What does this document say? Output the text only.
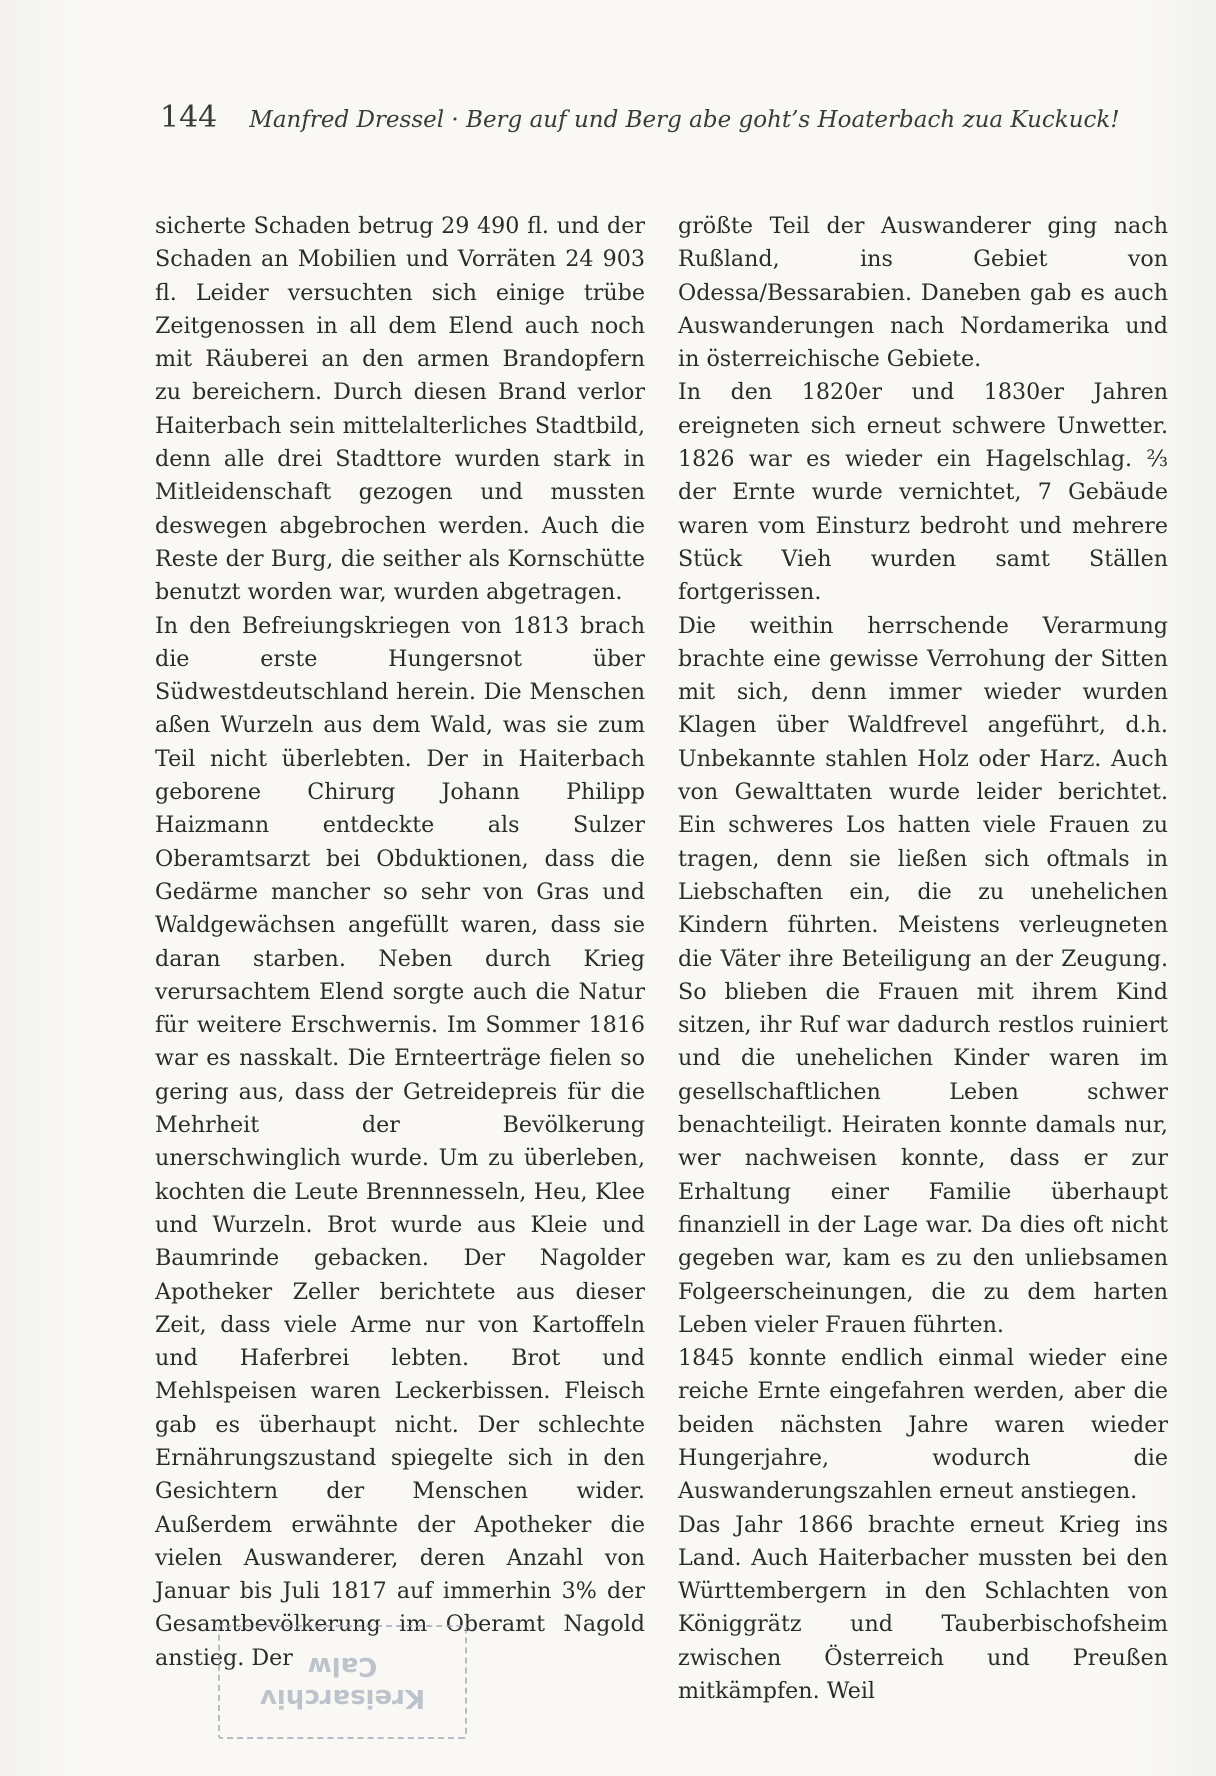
144 Manfred Dressel · Berg auf und Berg abe goht’s Hoaterbach zua Kuckuck!

sicherte Schaden betrug 29 490 fl. und der Schaden an Mobilien und Vorräten 24 903 fl. Leider versuchten sich einige trübe Zeitgenossen in all dem Elend auch noch mit Räuberei an den armen Brandopfern zu bereichern. Durch diesen Brand verlor Haiterbach sein mittelalterliches Stadtbild, denn alle drei Stadttore wurden stark in Mitleidenschaft gezogen und mussten deswegen abgebrochen werden. Auch die Reste der Burg, die seither als Kornschütte benutzt worden war, wurden abgetragen.

In den Befreiungskriegen von 1813 brach die erste Hungersnot über Südwestdeutschland herein. Die Menschen aßen Wurzeln aus dem Wald, was sie zum Teil nicht überlebten. Der in Haiterbach geborene Chirurg Johann Philipp Haizmann entdeckte als Sulzer Oberamtsarzt bei Obduktionen, dass die Gedärme mancher so sehr von Gras und Waldgewächsen angefüllt waren, dass sie daran starben. Neben durch Krieg verursachtem Elend sorgte auch die Natur für weitere Erschwernis. Im Sommer 1816 war es nasskalt. Die Ernteerträge fielen so gering aus, dass der Getreidepreis für die Mehrheit der Bevölkerung unerschwinglich wurde. Um zu überleben, kochten die Leute Brennnesseln, Heu, Klee und Wurzeln. Brot wurde aus Kleie und Baumrinde gebacken. Der Nagolder Apotheker Zeller berichtete aus dieser Zeit, dass viele Arme nur von Kartoffeln und Haferbrei lebten. Brot und Mehlspeisen waren Leckerbissen. Fleisch gab es überhaupt nicht. Der schlechte Ernährungszustand spiegelte sich in den Gesichtern der Menschen wider. Außerdem erwähnte der Apotheker die vielen Auswanderer, deren Anzahl von Januar bis Juli 1817 auf immerhin 3% der Gesamtbevölkerung im Oberamt Nagold anstieg. Der

größte Teil der Auswanderer ging nach Rußland, ins Gebiet von Odessa/Bessarabien. Daneben gab es auch Auswanderungen nach Nordamerika und in österreichische Gebiete.

In den 1820er und 1830er Jahren ereigneten sich erneut schwere Unwetter. 1826 war es wieder ein Hagelschlag. ⅔ der Ernte wurde vernichtet, 7 Gebäude waren vom Einsturz bedroht und mehrere Stück Vieh wurden samt Ställen fortgerissen.

Die weithin herrschende Verarmung brachte eine gewisse Verrohung der Sitten mit sich, denn immer wieder wurden Klagen über Waldfrevel angeführt, d.h. Unbekannte stahlen Holz oder Harz. Auch von Gewalttaten wurde leider berichtet. Ein schweres Los hatten viele Frauen zu tragen, denn sie ließen sich oftmals in Liebschaften ein, die zu unehelichen Kindern führten. Meistens verleugneten die Väter ihre Beteiligung an der Zeugung. So blieben die Frauen mit ihrem Kind sitzen, ihr Ruf war dadurch restlos ruiniert und die unehelichen Kinder waren im gesellschaftlichen Leben schwer benachteiligt. Heiraten konnte damals nur, wer nachweisen konnte, dass er zur Erhaltung einer Familie überhaupt finanziell in der Lage war. Da dies oft nicht gegeben war, kam es zu den unliebsamen Folgeerscheinungen, die zu dem harten Leben vieler Frauen führten.

1845 konnte endlich einmal wieder eine reiche Ernte eingefahren werden, aber die beiden nächsten Jahre waren wieder Hungerjahre, wodurch die Auswanderungszahlen erneut anstiegen.

Das Jahr 1866 brachte erneut Krieg ins Land. Auch Haiterbacher mussten bei den Württembergern in den Schlachten von Königgrätz und Tauberbischofsheim zwischen Österreich und Preußen mitkämpfen. Weil

Kreisarchiv
Calw
